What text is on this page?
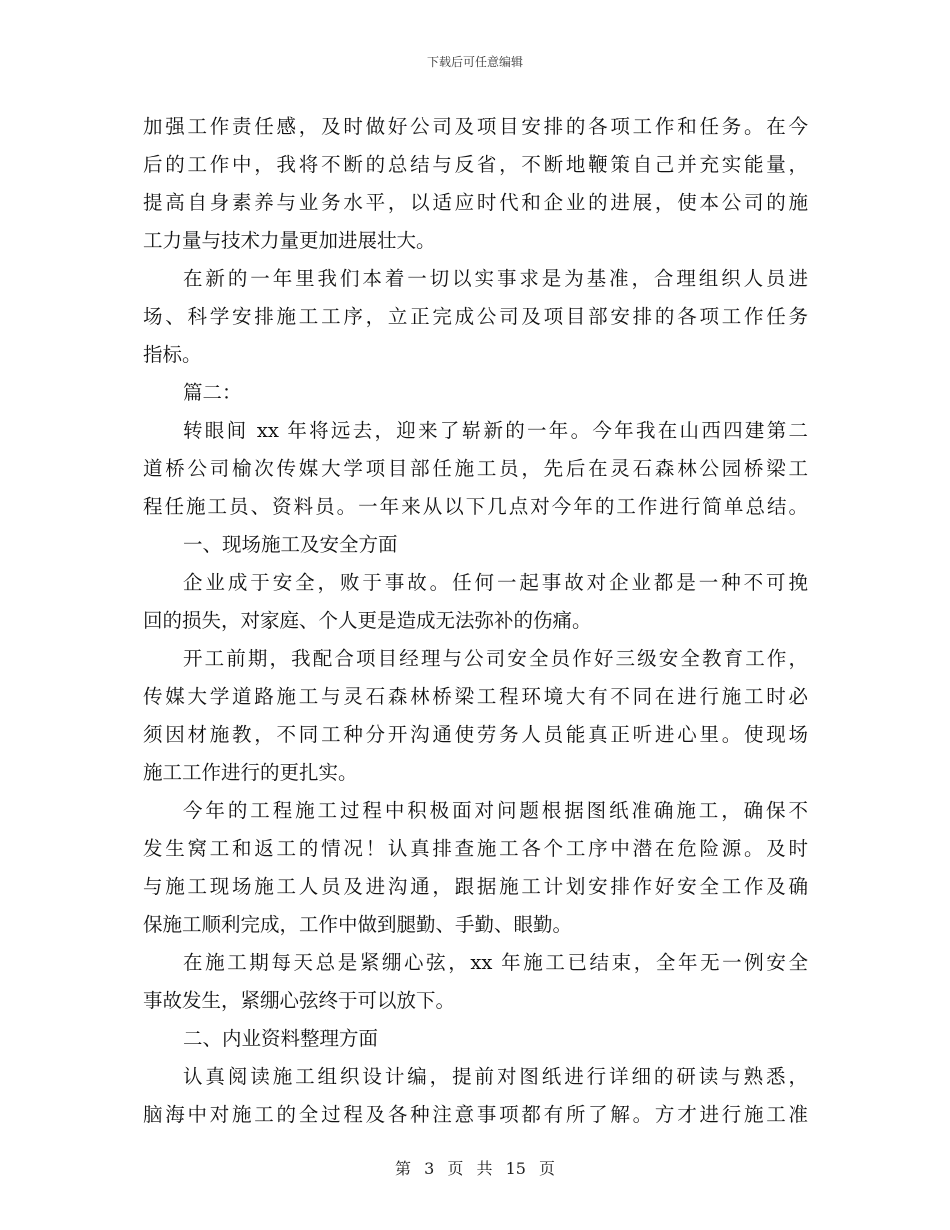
下载后可任意编辑
加强工作责任感，及时做好公司及项目安排的各项工作和任务。在今
后的工作中，我将不断的总结与反省，不断地鞭策自己并充实能量，
提高自身素养与业务水平，以适应时代和企业的进展，使本公司的施
工力量与技术力量更加进展壮大。
在新的一年里我们本着一切以实事求是为基准，合理组织人员进
场、科学安排施工工序，立正完成公司及项目部安排的各项工作任务
指标。
篇二：
转眼间 xx 年将远去，迎来了崭新的一年。今年我在山西四建第二
道桥公司榆次传媒大学项目部任施工员，先后在灵石森林公园桥梁工
程任施工员、资料员。一年来从以下几点对今年的工作进行简单总结。
一、现场施工及安全方面
企业成于安全，败于事故。任何一起事故对企业都是一种不可挽
回的损失，对家庭、个人更是造成无法弥补的伤痛。
开工前期，我配合项目经理与公司安全员作好三级安全教育工作，
传媒大学道路施工与灵石森林桥梁工程环境大有不同在进行施工时必
须因材施教，不同工种分开沟通使劳务人员能真正听进心里。使现场
施工工作进行的更扎实。
今年的工程施工过程中积极面对问题根据图纸准确施工，确保不
发生窝工和返工的情况！认真排查施工各个工序中潜在危险源。及时
与施工现场施工人员及进沟通，跟据施工计划安排作好安全工作及确
保施工顺利完成，工作中做到腿勤、手勤、眼勤。
在施工期每天总是紧绷心弦，xx 年施工已结束，全年无一例安全
事故发生，紧绷心弦终于可以放下。
二、内业资料整理方面
认真阅读施工组织设计编，提前对图纸进行详细的研读与熟悉，
脑海中对施工的全过程及各种注意事项都有所了解。方才进行施工准
第 3 页 共 15 页
